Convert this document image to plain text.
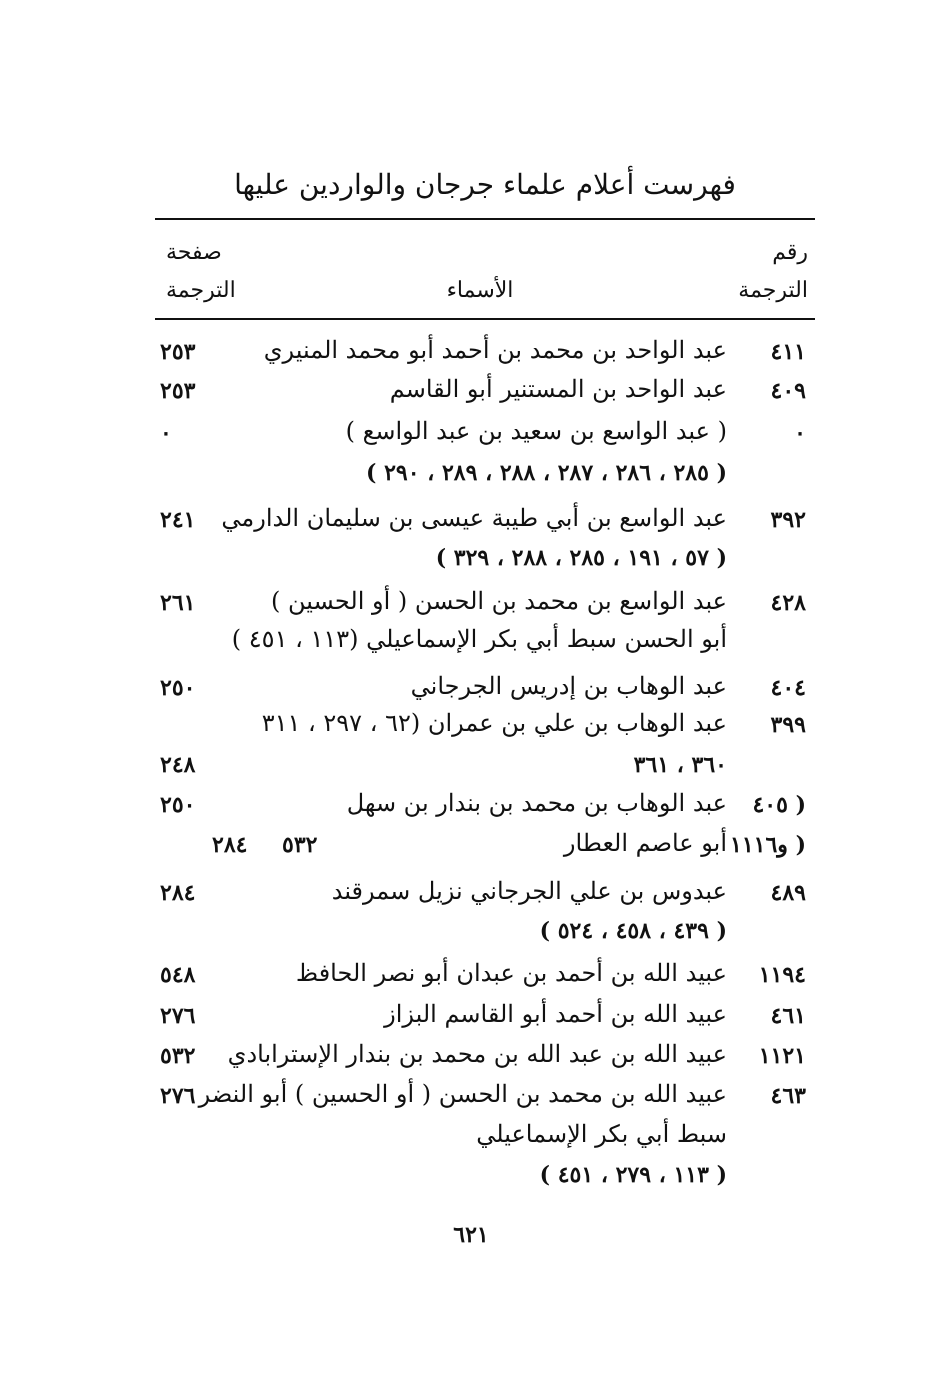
فهرست أعلام علماء جرجان والواردين عليها
رقم
الترجمة
الأسماء
صفحة
الترجمة
٤١١
عبد الواحد بن محمد بن أحمد أبو محمد المنيري
٢٥٣
٤٠٩
عبد الواحد بن المستنير أبو القاسم
٢٥٣
٠
( عبد الواسع بن سعيد بن عبد الواسع )
٠
( ٢٨٥ ، ٢٨٦ ، ٢٨٧ ، ٢٨٨ ، ٢٨٩ ، ٢٩٠ )
٣٩٢
عبد الواسع بن أبي طيبة عيسى بن سليمان الدارمي
٢٤١
( ٥٧ ، ١٩١ ، ٢٨٥ ، ٢٨٨ ، ٣٢٩ )
٤٢٨
عبد الواسع بن محمد بن الحسن ( أو الحسين )
٢٦١
أبو الحسن سبط أبي بكر الإسماعيلي (١١٣ ، ٤٥١ )
٤٠٤
عبد الوهاب بن إدريس الجرجاني
٢٥٠
٣٩٩
عبد الوهاب بن علي بن عمران (٦٢ ، ٢٩٧ ، ٣١١
٣٦٠ ، ٣٦١
٢٤٨
( ٤٠٥
عبد الوهاب بن محمد بن بندار بن سهل
٢٥٠
( و١١١٦
أبو عاصم العطار
٥٣٢
٢٨٤
٤٨٩
عبدوس بن علي الجرجاني نزيل سمرقند
٢٨٤
( ٤٣٩ ، ٤٥٨ ، ٥٢٤ )
١١٩٤
عبيد الله بن أحمد بن عبدان أبو نصر الحافظ
٥٤٨
٤٦١
عبيد الله بن أحمد أبو القاسم البزاز
٢٧٦
١١٢١
عبيد الله بن عبد الله بن محمد بن بندار الإسترابادي
٥٣٢
٤٦٣
عبيد الله بن محمد بن الحسن ( أو الحسين ) أبو النضر
٢٧٦
سبط أبي بكر الإسماعيلي
( ١١٣ ، ٢٧٩ ، ٤٥١ )
٦٢١
